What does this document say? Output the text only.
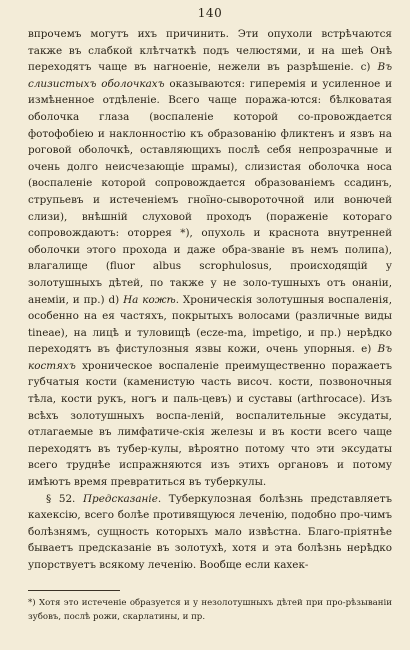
140

впрочемъ могутъ ихъ причинить. Эти опухоли встрѣчаются также въ слабкой клѣтчаткѣ подъ челюстями, и на шеѣ Онѣ переходятъ чаще въ нагноеніе, нежели въ разрѣшеніе. c) Въ слизистыхъ оболочкахъ оказываются: гиперемія и усиленное и измѣненное отдѣленіе. Всего чаще поража-ются: бѣлковатая оболочка глаза (воспаленіе которой со-провождается фотофобіею и наклонностію къ образованію фликтенъ и язвъ на роговой оболочкѣ, оставляющихъ послѣ себя непрозрачные и очень долго неисчезающіе шрамы), слизистая оболочка носа (воспаленіе которой сопровождается образованіемъ ссадинъ, струпьевъ и истеченіемъ гноїно-сывороточной или вонючей слизи), внѣшній слуховой проходъ (пораженіе котораго сопровождаютъ: оторрея *), опухоль и краснота внутренней оболочки этого прохода и даже обра-званіе въ немъ полипа), влагалище (fluor albus scrophulosus, происходящій у золотушныхъ дѣтей, по также у не золо-тушныхъ отъ онаніи, анеміи, и пр.) d) На кожѣ. Хроническія золотушныя воспаленія, особенно на ея частяхъ, покрытыхъ волосами (различные виды tineae), на лицѣ и туловищѣ (ecze-ma, impetigo, и пр.) нерѣдко переходятъ въ фистулозныя язвы кожи, очень упорныя. e) Въ костяхъ хроническое воспаленіе преимущественно поражаетъ губчатыя кости (каменистую часть височ. кости, позвоночныя тѣла, кости рукъ, ногъ и паль-цевъ) и суставы (arthrocace). Изъ всѣхъ золотушныхъ воспа-леній, воспалительные эксудаты, отлагаемые въ лимфатиче-скія железы и въ кости всего чаще переходятъ въ тубер-кулы, вѣроятно потому что эти эксудаты всего труднѣе испражняются изъ этихъ органовъ и потому имѣютъ время превратиться въ туберкулы.

§ 52. Предсказаніе. Туберкулозная болѣзнь представляетъ кахексію, всего болѣе противящуюся леченію, подобно про-чимъ болѣзнямъ, сущность которыхъ мало извѣстна. Благо-пріятнѣе бываетъ предсказаніе въ золотухѣ, хотя и эта болѣзнь нерѣдко упорствуетъ всякому леченію. Вообще если кахек-

*) Хотя это истеченіе образуется и у незолотушныхъ дѣтей при про-рѣзываніи зубовъ, послѣ рожи, скарлатины, и пр.
